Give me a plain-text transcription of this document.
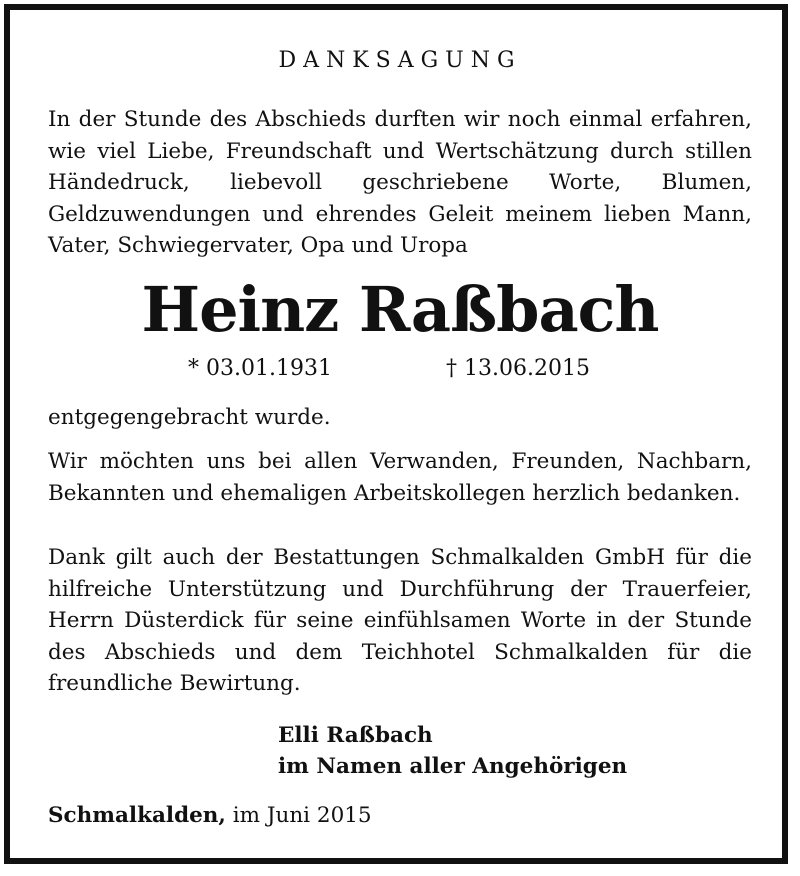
DANKSAGUNG

In der Stunde des Abschieds durften wir noch einmal erfahren, wie viel Liebe, Freundschaft und Wertschätzung durch stillen Händedruck, liebevoll geschriebene Worte, Blumen, Geldzuwendungen und ehrendes Geleit meinem lieben Mann, Vater, Schwiegervater, Opa und Uropa

Heinz Raßbach
* 03.01.1931	† 13.06.2015

entgegengebracht wurde.

Wir möchten uns bei allen Verwanden, Freunden, Nachbarn, Bekannten und ehemaligen Arbeitskollegen herzlich bedanken.

Dank gilt auch der Bestattungen Schmalkalden GmbH für die hilfreiche Unterstützung und Durchführung der Trauerfeier, Herrn Düsterdick für seine einfühlsamen Worte in der Stunde des Abschieds und dem Teichhotel Schmalkalden für die freundliche Bewirtung.

Elli Raßbach
im Namen aller Angehörigen
Schmalkalden, im Juni 2015
